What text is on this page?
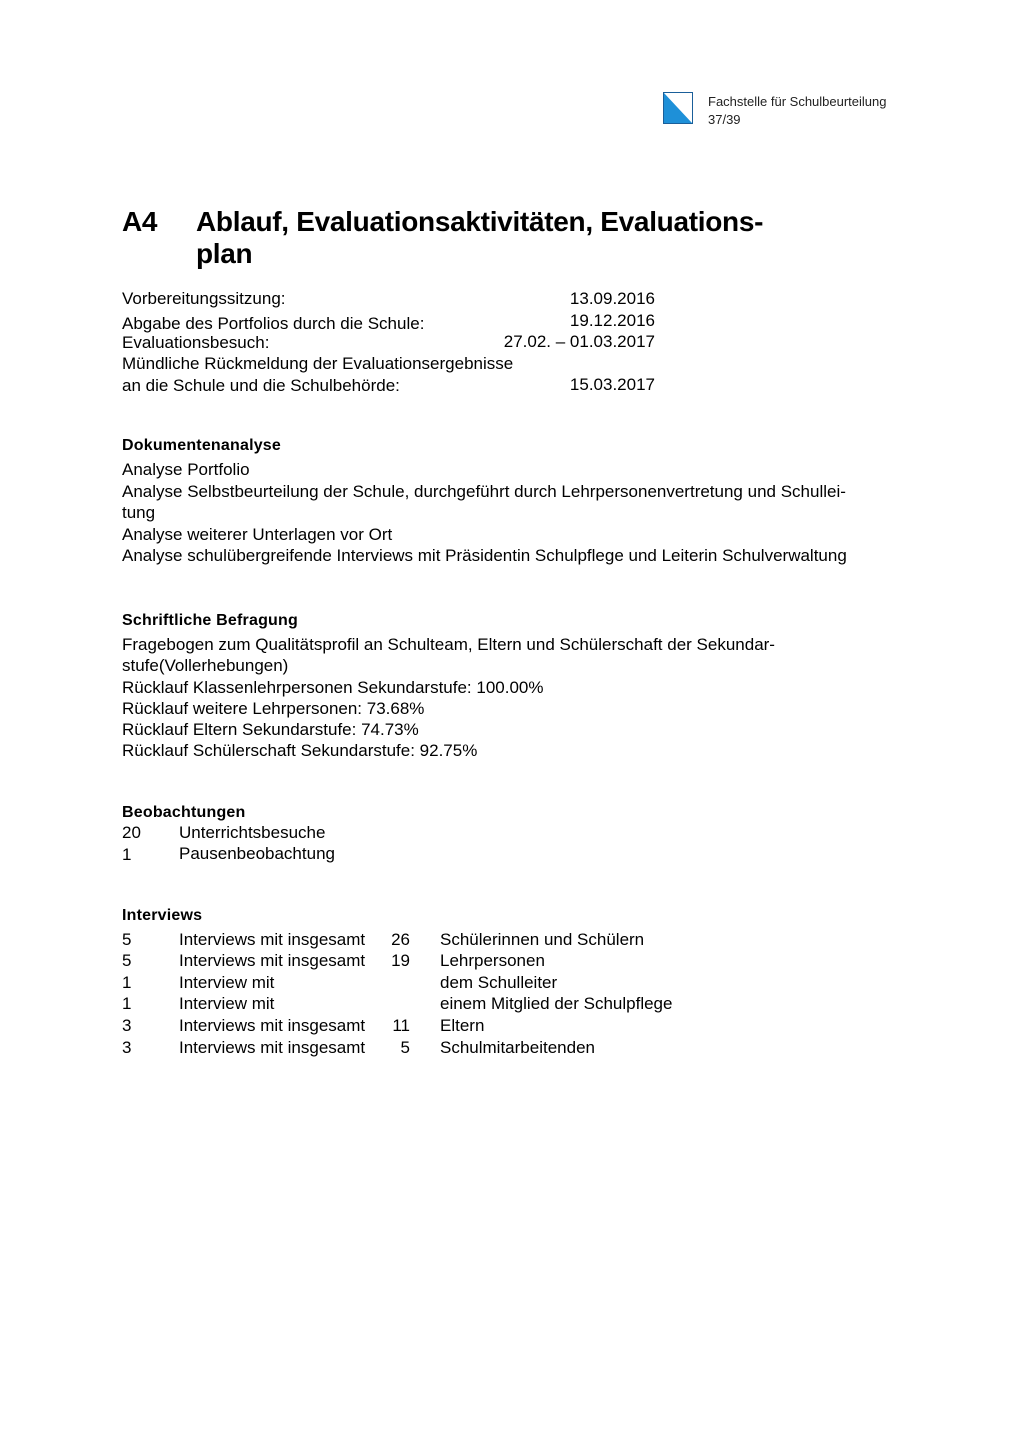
Fachstelle für Schulbeurteilung
37/39
A4 Ablauf, Evaluationsaktivitäten, Evaluations-
plan
Vorbereitungssitzung:	13.09.2016
Abgabe des Portfolios durch die Schule:	19.12.2016
Evaluationsbesuch:	27.02. – 01.03.2017
Mündliche Rückmeldung der Evaluationsergebnisse
an die Schule und die Schulbehörde:	15.03.2017
Dokumentenanalyse
Analyse Portfolio
Analyse Selbstbeurteilung der Schule, durchgeführt durch Lehrpersonenvertretung und Schullei-
tung
Analyse weiterer Unterlagen vor Ort
Analyse schulübergreifende Interviews mit Präsidentin Schulpflege und Leiterin Schulverwaltung
Schriftliche Befragung
Fragebogen zum Qualitätsprofil an Schulteam, Eltern und Schülerschaft der Sekundar-
stufe(Vollerhebungen)
Rücklauf Klassenlehrpersonen Sekundarstufe: 100.00%
Rücklauf weitere Lehrpersonen: 73.68%
Rücklauf Eltern Sekundarstufe: 74.73%
Rücklauf Schülerschaft Sekundarstufe: 92.75%
Beobachtungen
20 Unterrichtsbesuche
1	Pausenbeobachtung
Interviews
5	Interviews mit insgesamt	26 Schülerinnen und Schülern
5	Interviews mit insgesamt	19 Lehrpersonen
1	Interview mit	dem Schulleiter
1	Interview mit	einem Mitglied der Schulpflege
3	Interviews mit insgesamt	11 Eltern
3	Interviews mit insgesamt	5 Schulmitarbeitenden
